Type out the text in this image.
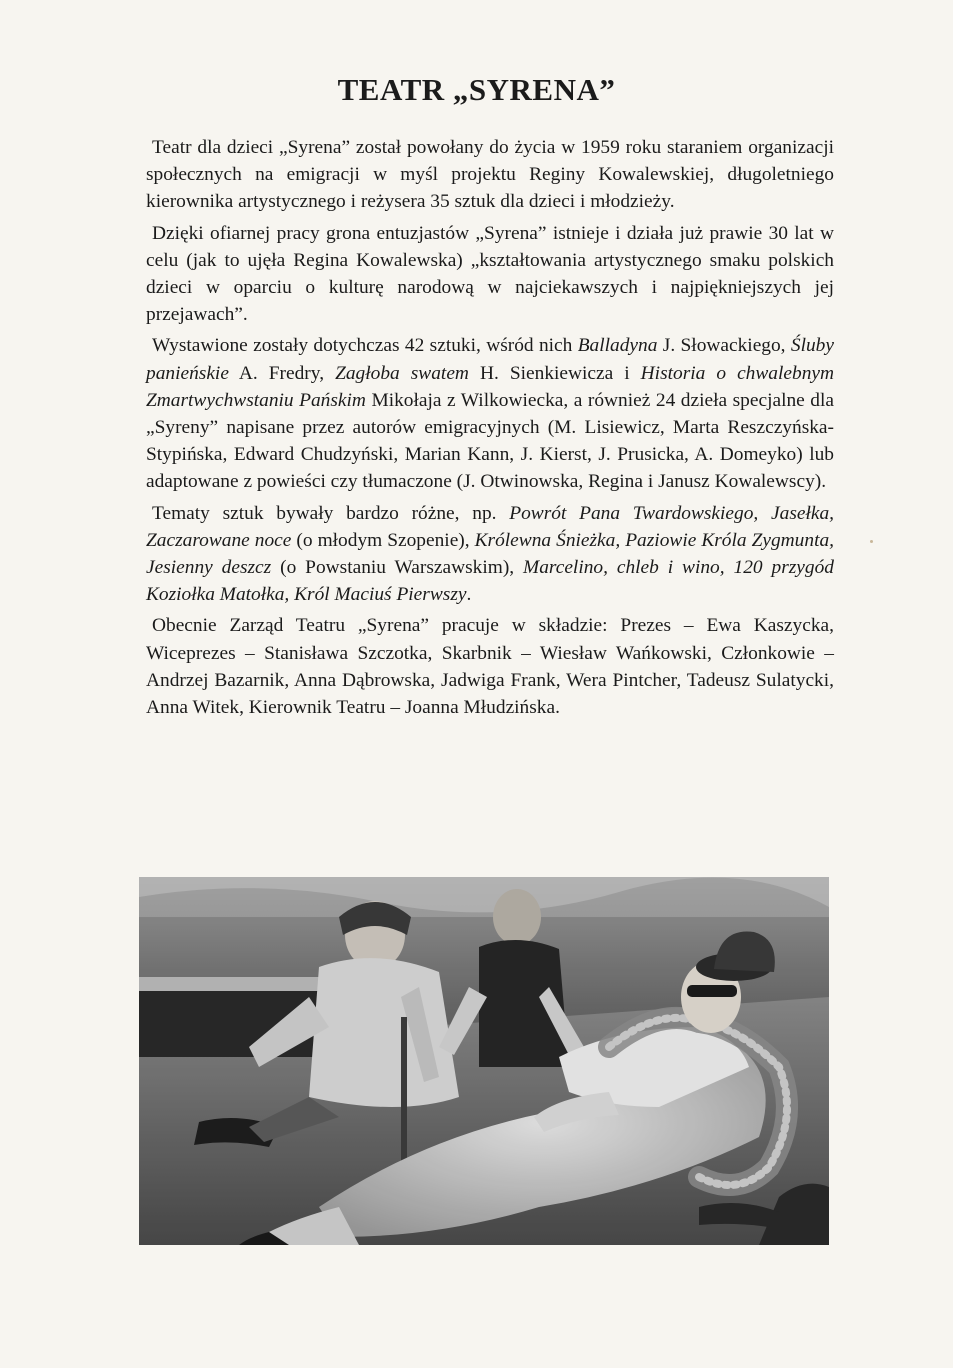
TEATR „SYRENA”

Teatr dla dzieci „Syrena” został powołany do życia w 1959 roku staraniem organizacji społecznych na emigracji w myśl projektu Reginy Kowalewskiej, długoletniego kierownika artystycznego i reżysera 35 sztuk dla dzieci i młodzieży.

Dzięki ofiarnej pracy grona entuzjastów „Syrena” istnieje i działa już prawie 30 lat w celu (jak to ujęła Regina Kowalewska) „kształtowania artystycznego smaku polskich dzieci w oparciu o kulturę narodową w najciekawszych i najpiękniejszych jej przejawach”.

Wystawione zostały dotychczas 42 sztuki, wśród nich Balladyna J. Słowackiego, Śluby panieńskie A. Fredry, Zagłoba swatem H. Sienkiewicza i Historia o chwalebnym Zmartwychwstaniu Pańskim Mikołaja z Wilkowiecka, a również 24 dzieła specjalne dla „Syreny” napisane przez autorów emigracyjnych (M. Lisiewicz, Marta Reszczyńska-Stypińska, Edward Chudzyński, Marian Kann, J. Kierst, J. Prusicka, A. Domeyko) lub adaptowane z powieści czy tłumaczone (J. Otwinowska, Regina i Janusz Kowalewscy).

Tematy sztuk bywały bardzo różne, np. Powrót Pana Twardowskiego, Jasełka, Zaczarowane noce (o młodym Szopenie), Królewna Śnieżka, Paziowie Króla Zygmunta, Jesienny deszcz (o Powstaniu Warszawskim), Marcelino, chleb i wino, 120 przygód Koziołka Matołka, Król Maciuś Pierwszy.

Obecnie Zarząd Teatru „Syrena” pracuje w składzie: Prezes – Ewa Kaszycka, Wiceprezes – Stanisława Szczotka, Skarbnik – Wiesław Wańkowski, Członkowie – Andrzej Bazarnik, Anna Dąbrowska, Jadwiga Frank, Wera Pintcher, Tadeusz Sulatycki, Anna Witek, Kierownik Teatru – Joanna Młudzińska.
